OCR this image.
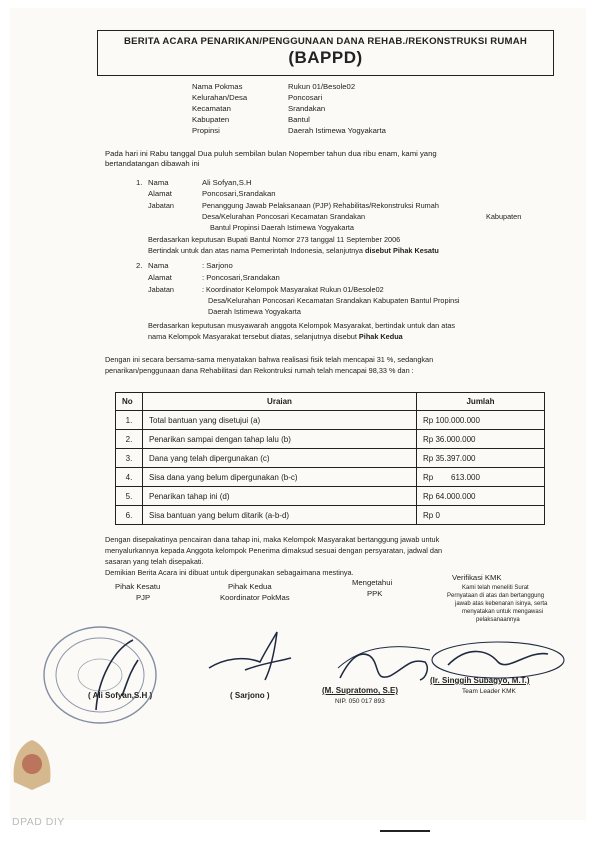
BERITA ACARA PENARIKAN/PENGGUNAAN DANA REHAB./REKONSTRUKSI RUMAH
(BAPPD)
Nama Pokmas	Rukun 01/Besole02
Kelurahan/Desa	Poncosari
Kecamatan	Srandakan
Kabupaten	Bantul
Propinsi	Daerah Istimewa Yogyakarta
Pada hari ini Rabu tanggal Dua puluh sembilan bulan Nopember tahun dua ribu enam, kami yang
bertandatangan dibawah ini
1. Nama	Ali Sofyan,S.H
Alamat	Poncosari,Srandakan
Jabatan	Penanggung Jawab Pelaksanaan (PJP) Rehabilitas/Rekonstruksi Rumah
Desa/Kelurahan Poncosari Kecamatan Srandakan	Kabupaten
Bantul Propinsi Daerah Istimewa Yogyakarta
Berdasarkan keputusan Bupati Bantul Nomor 273 tanggal 11 September 2006
Bertindak untuk dan atas nama Pemerintah Indonesia, selanjutnya disebut Pihak Kesatu
2. Nama	: Sarjono
Alamat	: Poncosari,Srandakan
Jabatan	: Koordinator Kelompok Masyarakat Rukun 01/Besole02
Desa/Kelurahan Poncosari Kecamatan Srandakan Kabupaten Bantul Propinsi
Daerah Istimewa Yogyakarta
Berdasarkan keputusan musyawarah anggota Kelompok Masyarakat, bertindak untuk dan atas
nama Kelompok Masyarakat tersebut diatas, selanjutnya disebut Pihak Kedua
Dengan ini secara bersama-sama menyatakan bahwa realisasi fisik telah mencapai 31 %, sedangkan
penarikan/penggunaan dana Rehabilitasi dan Rekontruksi rumah telah mencapai 98,33 % dan :
No	Uraian	Jumlah
1.	Total bantuan yang disetujui (a)	Rp 100.000.000
2.	Penarikan sampai dengan tahap lalu (b)	Rp 36.000.000
3.	Dana yang telah dipergunakan (c)	Rp 35.397.000
4.	Sisa dana yang belum dipergunakan (b-c)	Rp        613.000
5.	Penarikan tahap ini (d)	Rp 64.000.000
6.	Sisa bantuan yang belum ditarik (a-b-d)	Rp 0
Dengan disepakatinya pencairan dana tahap ini, maka Kelompok Masyarakat bertanggung jawab untuk
menyalurkannya kepada Anggota kelompok Penerima dimaksud sesuai dengan persyaratan, jadwal dan
sasaran yang telah disepakati.
Demikian Berita Acara ini dibuat untuk dipergunakan sebagaimana mestinya.
Pihak Kesatu
PJP
Pihak Kedua
Koordinator PokMas
Mengetahui
PPK
Verifikasi KMK
Kami telah meneliti Surat
Pernyataan di atas dan bertanggung
jawab atas kebenaran isinya, serta
menyatakan untuk mengawasi
pelaksanaannya
( Ali Sofyan,S.H )	( Sarjono )
(M. Supratomo, S.E)
NIP. 050 017 893
(Ir. Singgih Subagyo, M.T.)
Team Leader KMK
DPAD DIY
